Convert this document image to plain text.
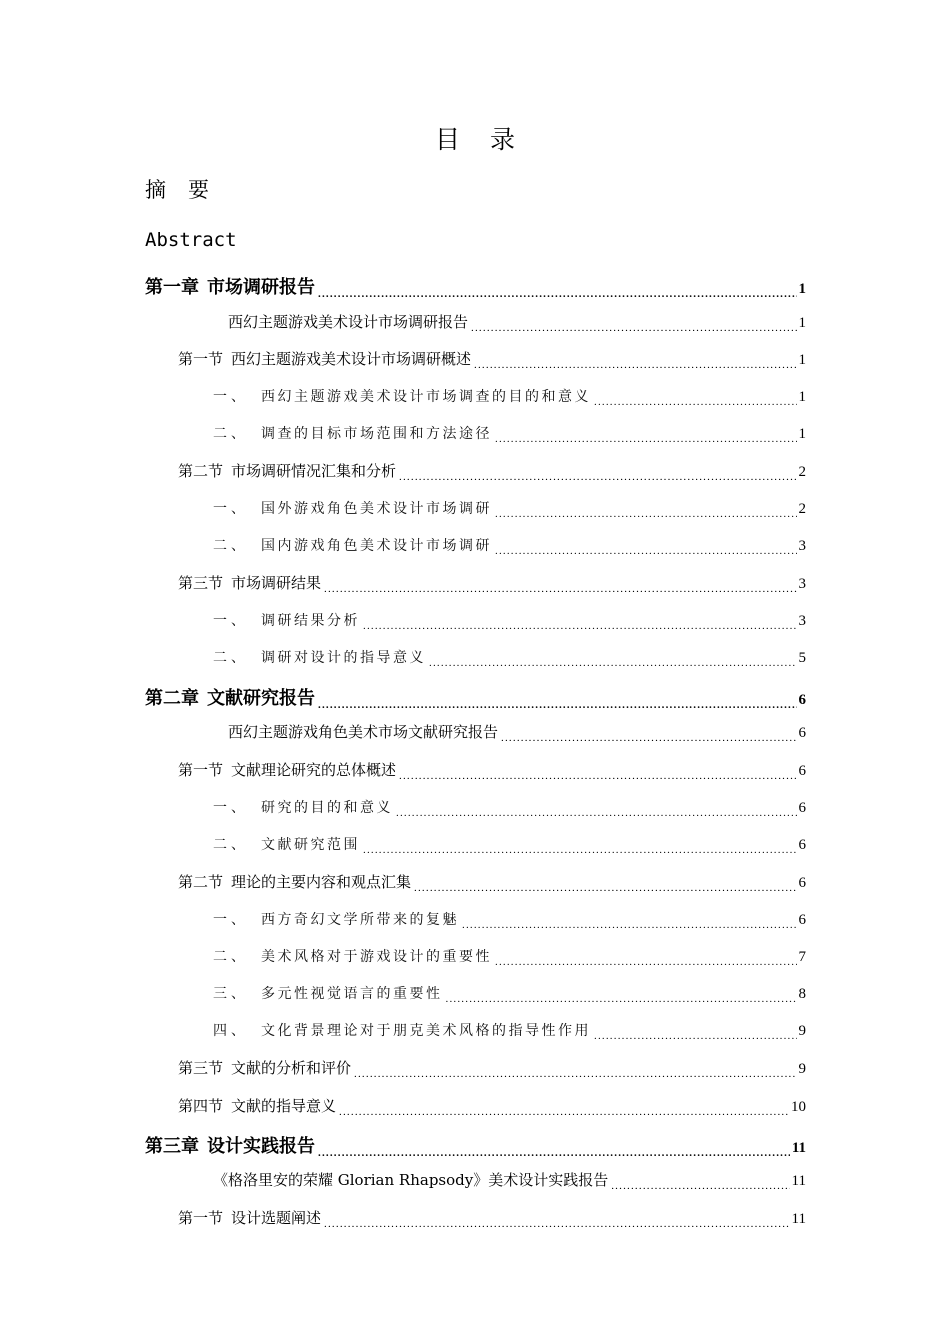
目 录
摘 要
Abstract
第一章 市场调研报告 .....	1
西幻主题游戏美术设计市场调研报告 .....	1
第一节 西幻主题游戏美术设计市场调研概述 .....	1
一、 西幻主题游戏美术设计市场调查的目的和意义 .....	1
二、 调查的目标市场范围和方法途径 .....	1
第二节 市场调研情况汇集和分析 .....	2
一、 国外游戏角色美术设计市场调研 .....	2
二、 国内游戏角色美术设计市场调研 .....	3
第三节 市场调研结果 .....	3
一、 调研结果分析 .....	3
二、 调研对设计的指导意义 .....	5
第二章 文献研究报告 .....	6
西幻主题游戏角色美术市场文献研究报告 .....	6
第一节 文献理论研究的总体概述 .....	6
一、 研究的目的和意义 .....	6
二、 文献研究范围 .....	6
第二节 理论的主要内容和观点汇集 .....	6
一、 西方奇幻文学所带来的复魅 .....	6
二、 美术风格对于游戏设计的重要性 .....	7
三、 多元性视觉语言的重要性 .....	8
四、 文化背景理论对于朋克美术风格的指导性作用 .....	9
第三节 文献的分析和评价 .....	9
第四节 文献的指导意义 .....	10
第三章 设计实践报告 .....	11
《格洛里安的荣耀 Glorian Rhapsody》美术设计实践报告 .....	11
第一节 设计选题阐述 .....	11
